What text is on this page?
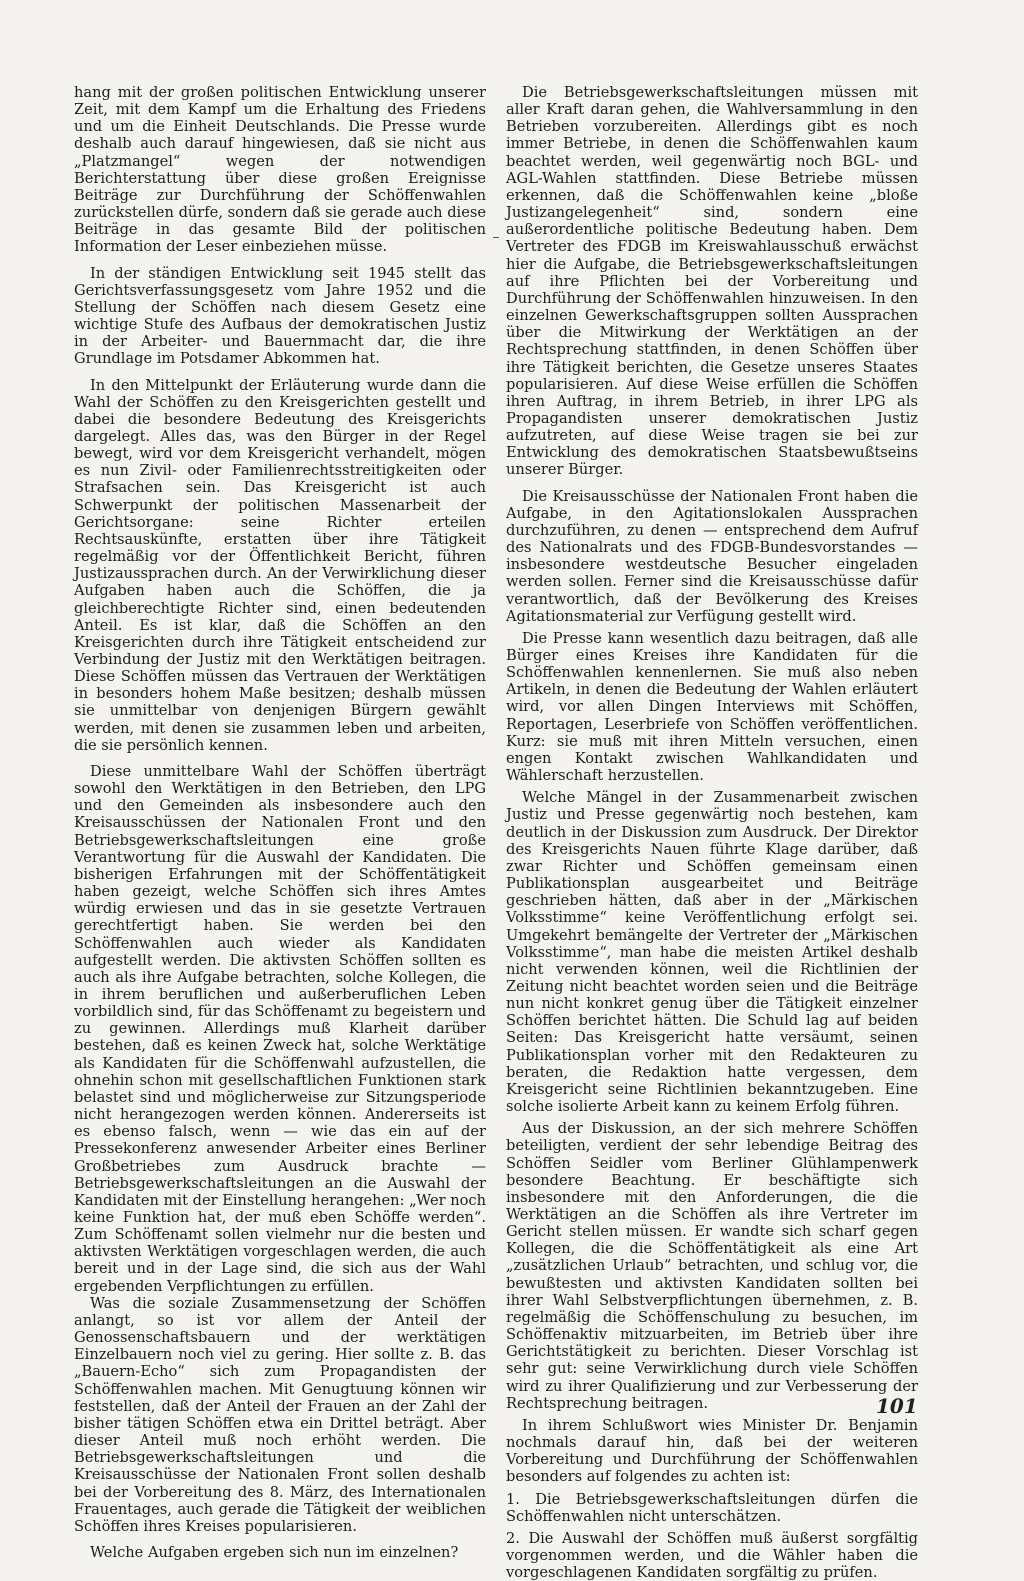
hang mit der großen politischen Entwicklung unserer Zeit, mit dem Kampf um die Erhaltung des Friedens und um die Einheit Deutschlands. Die Presse wurde deshalb auch darauf hingewiesen, daß sie nicht aus „Platzmangel“ wegen der notwendigen Berichterstattung über diese großen Ereignisse Beiträge zur Durchführung der Schöffenwahlen zurückstellen dürfe, sondern daß sie gerade auch diese Beiträge in das gesamte Bild der politischen Information der Leser einbeziehen müsse.

In der ständigen Entwicklung seit 1945 stellt das Gerichtsverfassungsgesetz vom Jahre 1952 und die Stellung der Schöffen nach diesem Gesetz eine wichtige Stufe des Aufbaus der demokratischen Justiz in der Arbeiter- und Bauernmacht dar, die ihre Grundlage im Potsdamer Abkommen hat.

In den Mittelpunkt der Erläuterung wurde dann die Wahl der Schöffen zu den Kreisgerichten gestellt und dabei die besondere Bedeutung des Kreisgerichts dargelegt. Alles das, was den Bürger in der Regel bewegt, wird vor dem Kreisgericht verhandelt, mögen es nun Zivil- oder Familienrechtsstreitigkeiten oder Strafsachen sein. Das Kreisgericht ist auch Schwerpunkt der politischen Massenarbeit der Gerichtsorgane: seine Richter erteilen Rechtsauskünfte, erstatten über ihre Tätigkeit regelmäßig vor der Öffentlichkeit Bericht, führen Justizaussprachen durch. An der Verwirklichung dieser Aufgaben haben auch die Schöffen, die ja gleichberechtigte Richter sind, einen bedeutenden Anteil. Es ist klar, daß die Schöffen an den Kreisgerichten durch ihre Tätigkeit entscheidend zur Verbindung der Justiz mit den Werktätigen beitragen. Diese Schöffen müssen das Vertrauen der Werktätigen in besonders hohem Maße besitzen; deshalb müssen sie unmittelbar von denjenigen Bürgern gewählt werden, mit denen sie zusammen leben und arbeiten, die sie persönlich kennen.

Diese unmittelbare Wahl der Schöffen überträgt sowohl den Werktätigen in den Betrieben, den LPG und den Gemeinden als insbesondere auch den Kreisausschüssen der Nationalen Front und den Betriebsgewerkschaftsleitungen eine große Verantwortung für die Auswahl der Kandidaten. Die bisherigen Erfahrungen mit der Schöffentätigkeit haben gezeigt, welche Schöffen sich ihres Amtes würdig erwiesen und das in sie gesetzte Vertrauen gerechtfertigt haben. Sie werden bei den Schöffenwahlen auch wieder als Kandidaten aufgestellt werden. Die aktivsten Schöffen sollten es auch als ihre Aufgabe betrachten, solche Kollegen, die in ihrem beruflichen und außerberuflichen Leben vorbildlich sind, für das Schöffenamt zu begeistern und zu gewinnen. Allerdings muß Klarheit darüber bestehen, daß es keinen Zweck hat, solche Werktätige als Kandidaten für die Schöffenwahl aufzustellen, die ohnehin schon mit gesellschaftlichen Funktionen stark belastet sind und möglicherweise zur Sitzungsperiode nicht herangezogen werden können. Andererseits ist es ebenso falsch, wenn — wie das ein auf der Pressekonferenz anwesender Arbeiter eines Berliner Großbetriebes zum Ausdruck brachte — Betriebsgewerkschaftsleitungen an die Auswahl der Kandidaten mit der Einstellung herangehen: „Wer noch keine Funktion hat, der muß eben Schöffe werden“. Zum Schöffenamt sollen vielmehr nur die besten und aktivsten Werktätigen vorgeschlagen werden, die auch bereit und in der Lage sind, die sich aus der Wahl ergebenden Verpflichtungen zu erfüllen.

Was die soziale Zusammensetzung der Schöffen anlangt, so ist vor allem der Anteil der Genossenschaftsbauern und der werktätigen Einzelbauern noch viel zu gering. Hier sollte z. B. das „Bauern-Echo“ sich zum Propagandisten der Schöffenwahlen machen. Mit Genugtuung können wir feststellen, daß der Anteil der Frauen an der Zahl der bisher tätigen Schöffen etwa ein Drittel beträgt. Aber dieser Anteil muß noch erhöht werden. Die Betriebsgewerkschaftsleitungen und die Kreisausschüsse der Nationalen Front sollen deshalb bei der Vorbereitung des 8. März, des Internationalen Frauentages, auch gerade die Tätigkeit der weiblichen Schöffen ihres Kreises popularisieren.

Welche Aufgaben ergeben sich nun im einzelnen?

Die Betriebsgewerkschaftsleitungen müssen mit aller Kraft daran gehen, die Wahlversammlung in den Betrieben vorzubereiten. Allerdings gibt es noch immer Betriebe, in denen die Schöffenwahlen kaum beachtet werden, weil gegenwärtig noch BGL- und AGL-Wahlen stattfinden. Diese Betriebe müssen erkennen, daß die Schöffenwahlen keine „bloße Justizangelegenheit“ sind, sondern eine außerordentliche politische Bedeutung haben. Dem Vertreter des FDGB im Kreiswahlausschuß erwächst hier die Aufgabe, die Betriebsgewerkschaftsleitungen auf ihre Pflichten bei der Vorbereitung und Durchführung der Schöffenwahlen hinzuweisen. In den einzelnen Gewerkschaftsgruppen sollten Aussprachen über die Mitwirkung der Werktätigen an der Rechtsprechung stattfinden, in denen Schöffen über ihre Tätigkeit berichten, die Gesetze unseres Staates popularisieren. Auf diese Weise erfüllen die Schöffen ihren Auftrag, in ihrem Betrieb, in ihrer LPG als Propagandisten unserer demokratischen Justiz aufzutreten, auf diese Weise tragen sie bei zur Entwicklung des demokratischen Staatsbewußtseins unserer Bürger.

Die Kreisausschüsse der Nationalen Front haben die Aufgabe, in den Agitationslokalen Aussprachen durchzuführen, zu denen — entsprechend dem Aufruf des Nationalrats und des FDGB-Bundesvorstandes — insbesondere westdeutsche Besucher eingeladen werden sollen. Ferner sind die Kreisausschüsse dafür verantwortlich, daß der Bevölkerung des Kreises Agitationsmaterial zur Verfügung gestellt wird.

Die Presse kann wesentlich dazu beitragen, daß alle Bürger eines Kreises ihre Kandidaten für die Schöffenwahlen kennenlernen. Sie muß also neben Artikeln, in denen die Bedeutung der Wahlen erläutert wird, vor allen Dingen Interviews mit Schöffen, Reportagen, Leserbriefe von Schöffen veröffentlichen. Kurz: sie muß mit ihren Mitteln versuchen, einen engen Kontakt zwischen Wahlkandidaten und Wählerschaft herzustellen.

Welche Mängel in der Zusammenarbeit zwischen Justiz und Presse gegenwärtig noch bestehen, kam deutlich in der Diskussion zum Ausdruck. Der Direktor des Kreisgerichts Nauen führte Klage darüber, daß zwar Richter und Schöffen gemeinsam einen Publikationsplan ausgearbeitet und Beiträge geschrieben hätten, daß aber in der „Märkischen Volksstimme“ keine Veröffentlichung erfolgt sei. Umgekehrt bemängelte der Vertreter der „Märkischen Volksstimme“, man habe die meisten Artikel deshalb nicht verwenden können, weil die Richtlinien der Zeitung nicht beachtet worden seien und die Beiträge nun nicht konkret genug über die Tätigkeit einzelner Schöffen berichtet hätten. Die Schuld lag auf beiden Seiten: Das Kreisgericht hatte versäumt, seinen Publikationsplan vorher mit den Redakteuren zu beraten, die Redaktion hatte vergessen, dem Kreisgericht seine Richtlinien bekanntzugeben. Eine solche isolierte Arbeit kann zu keinem Erfolg führen.

Aus der Diskussion, an der sich mehrere Schöffen beteiligten, verdient der sehr lebendige Beitrag des Schöffen Seidler vom Berliner Glühlampenwerk besondere Beachtung. Er beschäftigte sich insbesondere mit den Anforderungen, die die Werktätigen an die Schöffen als ihre Vertreter im Gericht stellen müssen. Er wandte sich scharf gegen Kollegen, die die Schöffentätigkeit als eine Art „zusätzlichen Urlaub“ betrachten, und schlug vor, die bewußtesten und aktivsten Kandidaten sollten bei ihrer Wahl Selbstverpflichtungen übernehmen, z. B. regelmäßig die Schöffenschulung zu besuchen, im Schöffenaktiv mitzuarbeiten, im Betrieb über ihre Gerichtstätigkeit zu berichten. Dieser Vorschlag ist sehr gut: seine Verwirklichung durch viele Schöffen wird zu ihrer Qualifizierung und zur Verbesserung der Rechtsprechung beitragen.

In ihrem Schlußwort wies Minister Dr. Benjamin nochmals darauf hin, daß bei der weiteren Vorbereitung und Durchführung der Schöffenwahlen besonders auf folgendes zu achten ist:

1. Die Betriebsgewerkschaftsleitungen dürfen die Schöffenwahlen nicht unterschätzen.

2. Die Auswahl der Schöffen muß äußerst sorgfältig vorgenommen werden, und die Wähler haben die vorgeschlagenen Kandidaten sorgfältig zu prüfen.

101
